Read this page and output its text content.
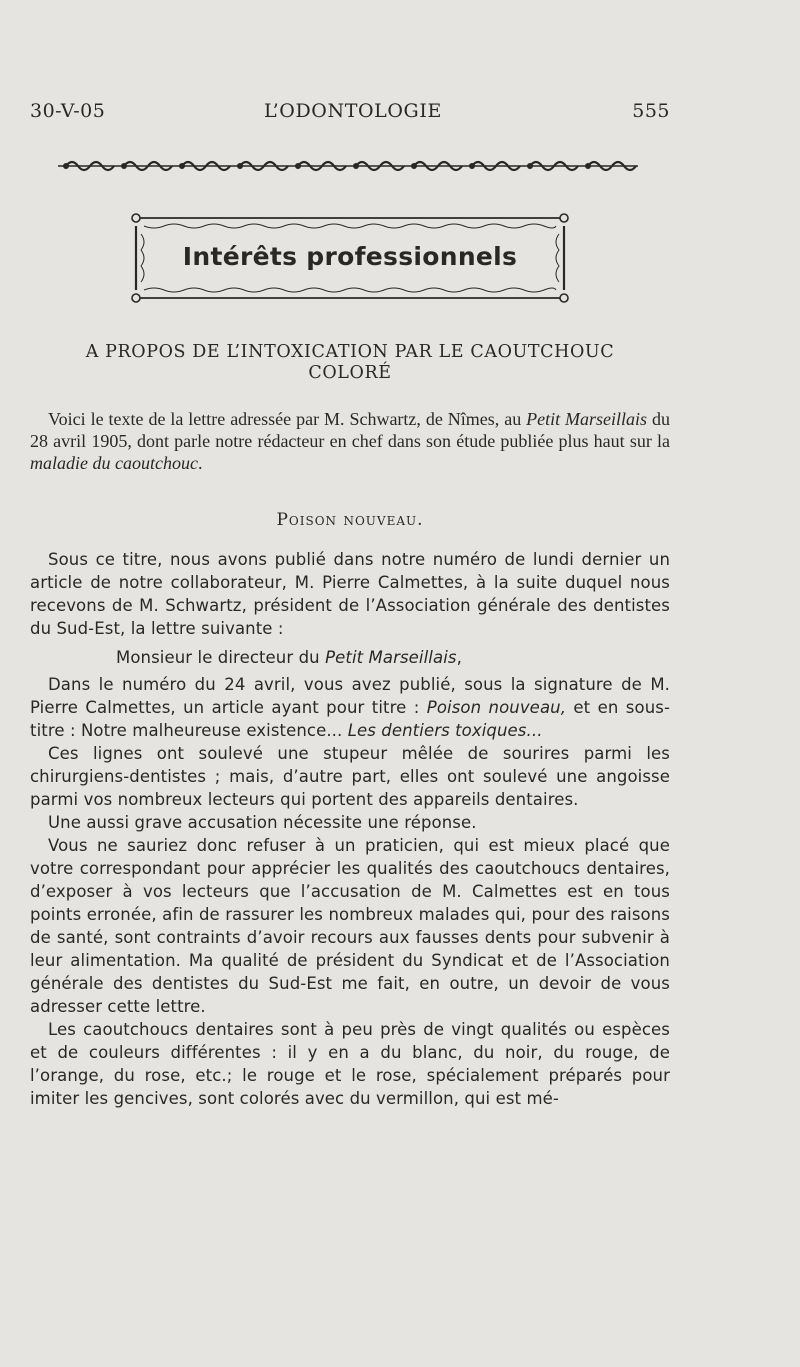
30-V-05	L’ODONTOLOGIE	555
Intérêts professionnels
A PROPOS DE L’INTOXICATION PAR LE CAOUTCHOUC
COLORÉ

Voici le texte de la lettre adressée par M. Schwartz, de Nîmes, au Petit Marseillais du 28 avril 1905, dont parle notre rédacteur en chef dans son étude publiée plus haut sur la maladie du caoutchouc.

Poison nouveau.

Sous ce titre, nous avons publié dans notre numéro de lundi dernier un article de notre collaborateur, M. Pierre Calmettes, à la suite duquel nous recevons de M. Schwartz, président de l’Association générale des dentistes du Sud-Est, la lettre suivante :

Monsieur le directeur du Petit Marseillais,

Dans le numéro du 24 avril, vous avez publié, sous la signature de M. Pierre Calmettes, un article ayant pour titre : Poison nouveau, et en sous-titre : Notre malheureuse existence... Les dentiers toxiques...

Ces lignes ont soulevé une stupeur mêlée de sourires parmi les chirurgiens-dentistes ; mais, d’autre part, elles ont soulevé une angoisse parmi vos nombreux lecteurs qui portent des appareils dentaires.

Une aussi grave accusation nécessite une réponse.

Vous ne sauriez donc refuser à un praticien, qui est mieux placé que votre correspondant pour apprécier les qualités des caoutchoucs dentaires, d’exposer à vos lecteurs que l’accusation de M. Calmettes est en tous points erronée, afin de rassurer les nombreux malades qui, pour des raisons de santé, sont contraints d’avoir recours aux fausses dents pour subvenir à leur alimentation. Ma qualité de président du Syndicat et de l’Association générale des dentistes du Sud-Est me fait, en outre, un devoir de vous adresser cette lettre.

Les caoutchoucs dentaires sont à peu près de vingt qualités ou espèces et de couleurs différentes : il y en a du blanc, du noir, du rouge, de l’orange, du rose, etc.; le rouge et le rose, spécialement préparés pour imiter les gencives, sont colorés avec du vermillon, qui est mé-
